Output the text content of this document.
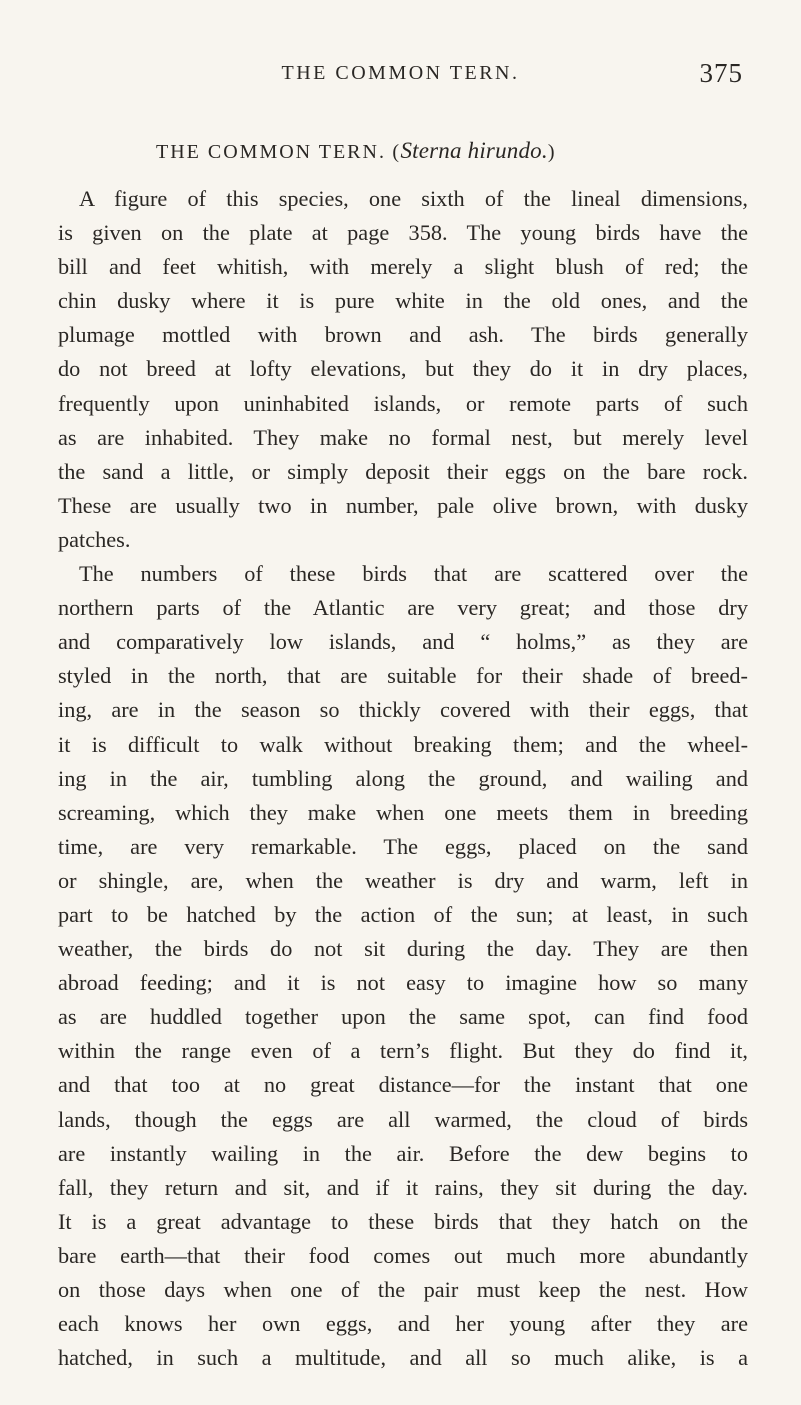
THE COMMON TERN.	375
THE COMMON TERN. (Sterna hirundo.)
A figure of this species, one sixth of the lineal dimensions,
is given on the plate at page 358. The young birds have the
bill and feet whitish, with merely a slight blush of red; the
chin dusky where it is pure white in the old ones, and the
plumage mottled with brown and ash. The birds generally
do not breed at lofty elevations, but they do it in dry places,
frequently upon uninhabited islands, or remote parts of such
as are inhabited. They make no formal nest, but merely level
the sand a little, or simply deposit their eggs on the bare rock.
These are usually two in number, pale olive brown, with dusky
patches.
The numbers of these birds that are scattered over the
northern parts of the Atlantic are very great; and those dry
and comparatively low islands, and “ holms,” as they are
styled in the north, that are suitable for their shade of breed-
ing, are in the season so thickly covered with their eggs, that
it is difficult to walk without breaking them; and the wheel-
ing in the air, tumbling along the ground, and wailing and
screaming, which they make when one meets them in breeding
time, are very remarkable. The eggs, placed on the sand
or shingle, are, when the weather is dry and warm, left in
part to be hatched by the action of the sun; at least, in such
weather, the birds do not sit during the day. They are then
abroad feeding; and it is not easy to imagine how so many
as are huddled together upon the same spot, can find food
within the range even of a tern’s flight. But they do find it,
and that too at no great distance—for the instant that one
lands, though the eggs are all warmed, the cloud of birds
are instantly wailing in the air. Before the dew begins to
fall, they return and sit, and if it rains, they sit during the day.
It is a great advantage to these birds that they hatch on the
bare earth—that their food comes out much more abundantly
on those days when one of the pair must keep the nest. How
each knows her own eggs, and her young after they are
hatched, in such a multitude, and all so much alike, is a
